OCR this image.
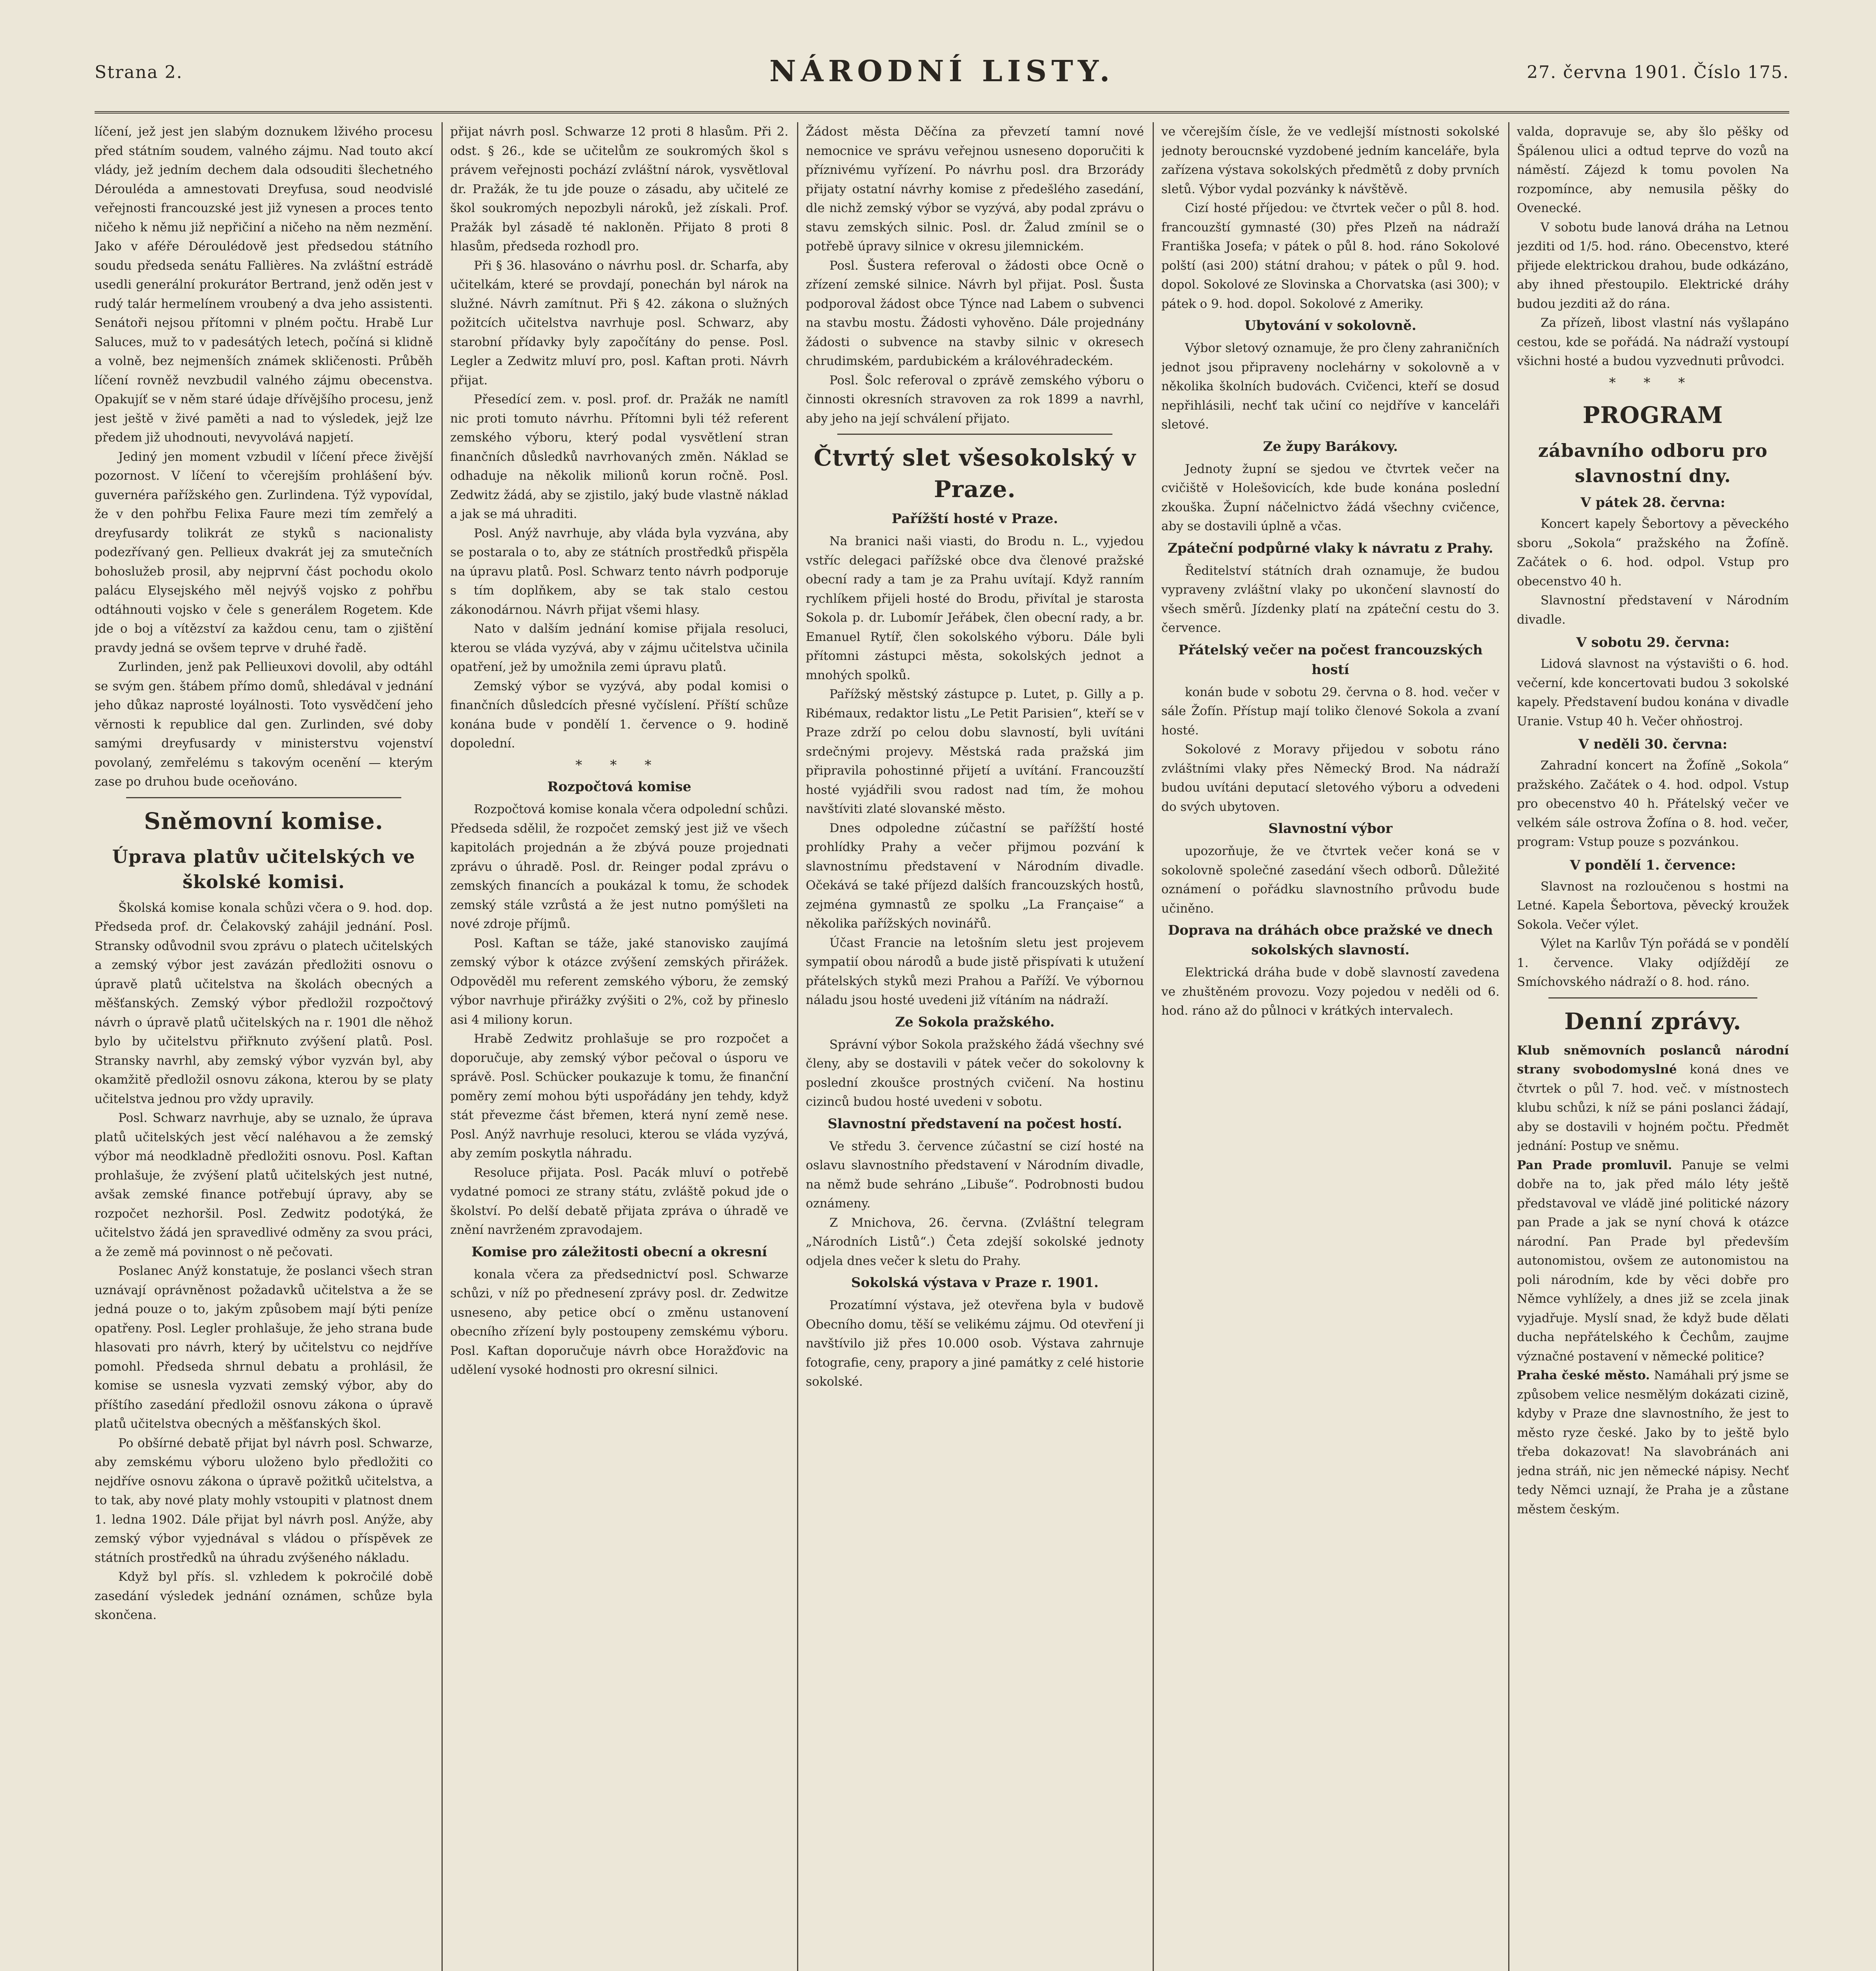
Strana 2.	NÁRODNÍ LISTY.	27. června 1901. Číslo 175.

líčení, jež jest jen slabým doznukem lživého procesu před státním soudem, valného zájmu. Nad touto akcí vlády, jež jedním dechem dala odsouditi šlechetného Dérouléda a amnestovati Dreyfusa, soud neodvislé veřejnosti francouzské jest již vynesen a proces tento ničeho k němu již nepřičiní a ničeho na něm nezmění. Jako v aféře Déroulédově jest předsedou státního soudu předseda senátu Fallières. Na zvláštní estrádě usedli generální prokurátor Bertrand, jenž oděn jest v rudý talár hermelínem vroubený a dva jeho assistenti. Senátoři nejsou přítomni v plném počtu. Hrabě Lur Saluces, muž to v padesátých letech, počíná si klidně a volně, bez nejmenších známek skličenosti. Průběh líčení rovněž nevzbudil valného zájmu obecenstva. Opakujíť se v něm staré údaje dřívějšího procesu, jenž jest ještě v živé paměti a nad to výsledek, jejž lze předem již uhodnouti, nevyvolává napjetí.

Jediný jen moment vzbudil v líčení přece živější pozornost. V líčení to včerejším prohlášení býv. guvernéra pařížského gen. Zurlindena. Týž vypovídal, že v den pohřbu Felixa Faure mezi tím zemřelý a dreyfusardy tolikrát ze styků s nacionalisty podezřívaný gen. Pellieux dvakrát jej za smutečních bohoslužeb prosil, aby nejprvní část pochodu okolo palácu Elysejského měl nejvýš vojsko z pohřbu odtáhnouti vojsko v čele s generálem Rogetem. Kde jde o boj a vítězství za každou cenu, tam o zjištění pravdy jedná se ovšem teprve v druhé řadě.

Zurlinden, jenž pak Pellieuxovi dovolil, aby odtáhl se svým gen. štábem přímo domů, shledával v jednání jeho důkaz naprosté loyálnosti. Toto vysvědčení jeho věrnosti k republice dal gen. Zurlinden, své doby samými dreyfusardy v ministerstvu vojenství povolaný, zemřelému s takovým ocenění — kterým zase po druhou bude oceňováno.

Sněmovní komise.
Úprava platův učitelských ve školské komisi.

Školská komise konala schůzi včera o 9. hod. dop. Předseda prof. dr. Čelakovský zahájil jednání. Posl. Stransky odůvodnil svou zprávu o platech učitelských a zemský výbor jest zavázán předložiti osnovu o úpravě platů učitelstva na školách obecných a měšťanských. Zemský výbor předložil rozpočtový návrh o úpravě platů učitelských na r. 1901 dle něhož bylo by učitelstvu přiřknuto zvýšení platů. Posl. Stransky navrhl, aby zemský výbor vyzván byl, aby okamžitě předložil osnovu zákona, kterou by se platy učitelstva jednou pro vždy upravily.

Posl. Schwarz navrhuje, aby se uznalo, že úprava platů učitelských jest věcí naléhavou a že zemský výbor má neodkladně předložiti osnovu. Posl. Kaftan prohlašuje, že zvýšení platů učitelských jest nutné, avšak zemské finance potřebují úpravy, aby se rozpočet nezhoršil. Posl. Zedwitz podotýká, že učitelstvo žádá jen spravedlivé odměny za svou práci, a že země má povinnost o ně pečovati.

Poslanec Anýž konstatuje, že poslanci všech stran uznávají oprávněnost požadavků učitelstva a že se jedná pouze o to, jakým způsobem mají býti peníze opatřeny. Posl. Legler prohlašuje, že jeho strana bude hlasovati pro návrh, který by učitelstvu co nejdříve pomohl. Předseda shrnul debatu a prohlásil, že komise se usnesla vyzvati zemský výbor, aby do příštího zasedání předložil osnovu zákona o úpravě platů učitelstva obecných a měšťanských škol.

Po obšírné debatě přijat byl návrh posl. Schwarze, aby zemskému výboru uloženo bylo předložiti co nejdříve osnovu zákona o úpravě požitků učitelstva, a to tak, aby nové platy mohly vstoupiti v platnost dnem 1. ledna 1902. Dále přijat byl návrh posl. Anýže, aby zemský výbor vyjednával s vládou o příspěvek ze státních prostředků na úhradu zvýšeného nákladu.

Když byl přís. sl. vzhledem k pokročilé době zasedání výsledek jednání oznámen, schůze byla skončena.

přijat návrh posl. Schwarze 12 proti 8 hlasům. Při 2. odst. § 26., kde se učitelům ze soukromých škol s právem veřejnosti pochází zvláštní nárok, vysvětloval dr. Pražák, že tu jde pouze o zásadu, aby učitelé ze škol soukromých nepozbyli nároků, jež získali. Prof. Pražák byl zásadě té nakloněn. Přijato 8 proti 8 hlasům, předseda rozhodl pro.

Při § 36. hlasováno o návrhu posl. dr. Scharfa, aby učitelkám, které se provdají, ponechán byl nárok na služné. Návrh zamítnut. Při § 42. zákona o služných požitcích učitelstva navrhuje posl. Schwarz, aby starobní přídavky byly započítány do pense. Posl. Legler a Zedwitz mluví pro, posl. Kaftan proti. Návrh přijat.

Přesedící zem. v. posl. prof. dr. Pražák ne namítl nic proti tomuto návrhu. Přítomni byli též referent zemského výboru, který podal vysvětlení stran finančních důsledků navrhovaných změn. Náklad se odhaduje na několik milionů korun ročně. Posl. Zedwitz žádá, aby se zjistilo, jaký bude vlastně náklad a jak se má uhraditi.

Posl. Anýž navrhuje, aby vláda byla vyzvána, aby se postarala o to, aby ze státních prostředků přispěla na úpravu platů. Posl. Schwarz tento návrh podporuje s tím doplňkem, aby se tak stalo cestou zákonodárnou. Návrh přijat všemi hlasy.

Nato v dalším jednání komise přijala resoluci, kterou se vláda vyzývá, aby v zájmu učitelstva učinila opatření, jež by umožnila zemi úpravu platů.

Zemský výbor se vyzývá, aby podal komisi o finančních důsledcích přesné vyčíslení. Příští schůze konána bude v pondělí 1. července o 9. hodině dopolední.

* * *
Rozpočtová komise

Rozpočtová komise konala včera odpolední schůzi. Předseda sdělil, že rozpočet zemský jest již ve všech kapitolách projednán a že zbývá pouze projednati zprávu o úhradě. Posl. dr. Reinger podal zprávu o zemských financích a poukázal k tomu, že schodek zemský stále vzrůstá a že jest nutno pomýšleti na nové zdroje příjmů.

Posl. Kaftan se táže, jaké stanovisko zaujímá zemský výbor k otázce zvýšení zemských přirážek. Odpověděl mu referent zemského výboru, že zemský výbor navrhuje přirážky zvýšiti o 2%, což by přineslo asi 4 miliony korun.

Hrabě Zedwitz prohlašuje se pro rozpočet a doporučuje, aby zemský výbor pečoval o úsporu ve správě. Posl. Schücker poukazuje k tomu, že finanční poměry zemí mohou býti uspořádány jen tehdy, když stát převezme část břemen, která nyní země nese. Posl. Anýž navrhuje resoluci, kterou se vláda vyzývá, aby zemím poskytla náhradu.

Resoluce přijata. Posl. Pacák mluví o potřebě vydatné pomoci ze strany státu, zvláště pokud jde o školství. Po delší debatě přijata zpráva o úhradě ve znění navrženém zpravodajem.

Komise pro záležitosti obecní a okresní

konala včera za předsednictví posl. Schwarze schůzi, v níž po přednesení zprávy posl. dr. Zedwitze usneseno, aby petice obcí o změnu ustanovení obecního zřízení byly postoupeny zemskému výboru. Posl. Kaftan doporučuje návrh obce Horažďovic na udělení vysoké hodnosti pro okresní silnici.

Žádost města Děčína za převzetí tamní nové nemocnice ve správu veřejnou usneseno doporučiti k příznivému vyřízení. Po návrhu posl. dra Brzorády přijaty ostatní návrhy komise z předešlého zasedání, dle nichž zemský výbor se vyzývá, aby podal zprávu o stavu zemských silnic. Posl. dr. Žalud zmínil se o potřebě úpravy silnice v okresu jilemnickém.

Posl. Šustera referoval o žádosti obce Ocně o zřízení zemské silnice. Návrh byl přijat. Posl. Šusta podporoval žádost obce Týnce nad Labem o subvenci na stavbu mostu. Žádosti vyhověno. Dále projednány žádosti o subvence na stavby silnic v okresech chrudimském, pardubickém a královéhradeckém.

Posl. Šolc referoval o zprávě zemského výboru o činnosti okresních stravoven za rok 1899 a navrhl, aby jeho na její schválení přijato.

Čtvrtý slet všesokolský v Praze.
Pařížští hosté v Praze.

Na branici naši viasti, do Brodu n. L., vyjedou vstříc delegaci pařížské obce dva členové pražské obecní rady a tam je za Prahu uvítají. Když ranním rychlíkem přijeli hosté do Brodu, přivítal je starosta Sokola p. dr. Lubomír Jeřábek, člen obecní rady, a br. Emanuel Rytíř, člen sokolského výboru. Dále byli přítomni zástupci města, sokolských jednot a mnohých spolků.

Pařížský městský zástupce p. Lutet, p. Gilly a p. Ribémaux, redaktor listu „Le Petit Parisien“, kteří se v Praze zdrží po celou dobu slavností, byli uvítáni srdečnými projevy. Městská rada pražská jim připravila pohostinné přijetí a uvítání. Francouzští hosté vyjádřili svou radost nad tím, že mohou navštíviti zlaté slovanské město.

Dnes odpoledne zúčastní se pařížští hosté prohlídky Prahy a večer přijmou pozvání k slavnostnímu představení v Národním divadle. Očekává se také příjezd dalších francouzských hostů, zejména gymnastů ze spolku „La Française“ a několika pařížských novinářů.

Účast Francie na letošním sletu jest projevem sympatií obou národů a bude jistě přispívati k utužení přátelských styků mezi Prahou a Paříží. Ve výbornou náladu jsou hosté uvedeni již vítáním na nádraží.

Ze Sokola pražského.

Správní výbor Sokola pražského žádá všechny své členy, aby se dostavili v pátek večer do sokolovny k poslední zkoušce prostných cvičení. Na hostinu cizinců budou hosté uvedeni v sobotu.

Slavnostní představení na počest hostí.

Ve středu 3. července zúčastní se cizí hosté na oslavu slavnostního představení v Národním divadle, na němž bude sehráno „Libuše“. Podrobnosti budou oznámeny.

Z Mnichova, 26. června. (Zvláštní telegram „Národních Listů“.) Četa zdejší sokolské jednoty odjela dnes večer k sletu do Prahy.

Sokolská výstava v Praze r. 1901.

Prozatímní výstava, jež otevřena byla v budově Obecního domu, těší se velikému zájmu. Od otevření ji navštívilo již přes 10.000 osob. Výstava zahrnuje fotografie, ceny, prapory a jiné památky z celé historie sokolské.

ve včerejším čísle, že ve vedlejší místnosti sokolské jednoty beroucnské vyzdobené jedním kanceláře, byla zařízena výstava sokolských předmětů z doby prvních sletů. Výbor vydal pozvánky k návštěvě.

Cizí hosté příjedou: ve čtvrtek večer o půl 8. hod. francouzští gymnasté (30) přes Plzeň na nádraží Františka Josefa; v pátek o půl 8. hod. ráno Sokolové polští (asi 200) státní drahou; v pátek o půl 9. hod. dopol. Sokolové ze Slovinska a Chorvatska (asi 300); v pátek o 9. hod. dopol. Sokolové z Ameriky.

Ubytování v sokolovně.

Výbor sletový oznamuje, že pro členy zahraničních jednot jsou připraveny noclehárny v sokolovně a v několika školních budovách. Cvičenci, kteří se dosud nepřihlásili, nechť tak učiní co nejdříve v kanceláři sletové.

Ze župy Barákovy.

Jednoty župní se sjedou ve čtvrtek večer na cvičiště v Holešovicích, kde bude konána poslední zkouška. Župní náčelnictvo žádá všechny cvičence, aby se dostavili úplně a včas.

Zpáteční podpůrné vlaky k návratu z Prahy.

Ředitelství státních drah oznamuje, že budou vypraveny zvláštní vlaky po ukončení slavností do všech směrů. Jízdenky platí na zpáteční cestu do 3. července.

Přátelský večer na počest francouzských hostí

konán bude v sobotu 29. června o 8. hod. večer v sále Žofín. Přístup mají toliko členové Sokola a zvaní hosté.

Sokolové z Moravy přijedou v sobotu ráno zvláštními vlaky přes Německý Brod. Na nádraží budou uvítáni deputací sletového výboru a odvedeni do svých ubytoven.

Slavnostní výbor

upozorňuje, že ve čtvrtek večer koná se v sokolovně společné zasedání všech odborů. Důležité oznámení o pořádku slavnostního průvodu bude učiněno.

Doprava na dráhách obce pražské ve dnech sokolských slavností.

Elektrická dráha bude v době slavností zavedena ve zhuštěném provozu. Vozy pojedou v neděli od 6. hod. ráno až do půlnoci v krátkých intervalech.

valda, dopravuje se, aby šlo pěšky od Špálenou ulici a odtud teprve do vozů na náměstí. Zájezd k tomu povolen Na rozpomínce, aby nemusila pěšky do Ovenecké.

V sobotu bude lanová dráha na Letnou jezditi od 1/5. hod. ráno. Obecenstvo, které přijede elektrickou drahou, bude odkázáno, aby ihned přestoupilo. Elektrické dráhy budou jezditi až do rána.

Za přízeň, libost vlastní nás vyšlapáno cestou, kde se pořádá. Na nádraží vystoupí všichni hosté a budou vyzvednuti průvodci.

* * *
PROGRAM
zábavního odboru pro slavnostní dny.
V pátek 28. června:

Koncert kapely Šebortovy a pěveckého sboru „Sokola“ pražského na Žofíně. Začátek o 6. hod. odpol. Vstup pro obecenstvo 40 h.

Slavnostní představení v Národním divadle.

V sobotu 29. června:

Lidová slavnost na výstavišti o 6. hod. večerní, kde koncertovati budou 3 sokolské kapely. Představení budou konána v divadle Uranie. Vstup 40 h. Večer ohňostroj.

V neděli 30. června:

Zahradní koncert na Žofíně „Sokola“ pražského. Začátek o 4. hod. odpol. Vstup pro obecenstvo 40 h. Přátelský večer ve velkém sále ostrova Žofína o 8. hod. večer, program: Vstup pouze s pozvánkou.

V pondělí 1. července:

Slavnost na rozloučenou s hostmi na Letné. Kapela Šebortova, pěvecký kroužek Sokola. Večer výlet.

Výlet na Karlův Týn pořádá se v pondělí 1. července. Vlaky odjíždějí ze Smíchovského nádraží o 8. hod. ráno.

Denní zprávy.

Klub sněmovních poslanců národní strany svobodomyslné koná dnes ve čtvrtek o půl 7. hod. več. v místnostech klubu schůzi, k níž se páni poslanci žádají, aby se dostavili v hojném počtu. Předmět jednání: Postup ve sněmu.

Pan Prade promluvil. Panuje se velmi dobře na to, jak před málo léty ještě představoval ve vládě jiné politické názory pan Prade a jak se nyní chová k otázce národní. Pan Prade byl především autonomistou, ovšem ze autonomistou na poli národním, kde by věci dobře pro Němce vyhlížely, a dnes již se zcela jinak vyjadřuje. Myslí snad, že když bude dělati ducha nepřátelského k Čechům, zaujme význačné postavení v německé politice?

Praha české město. Namáhali prý jsme se způsobem velice nesmělým dokázati cizině, kdyby v Praze dne slavnostního, že jest to město ryze české. Jako by to ještě bylo třeba dokazovat! Na slavobránách ani jedna stráň, nic jen německé nápisy. Nechť tedy Němci uznají, že Praha je a zůstane městem českým.
